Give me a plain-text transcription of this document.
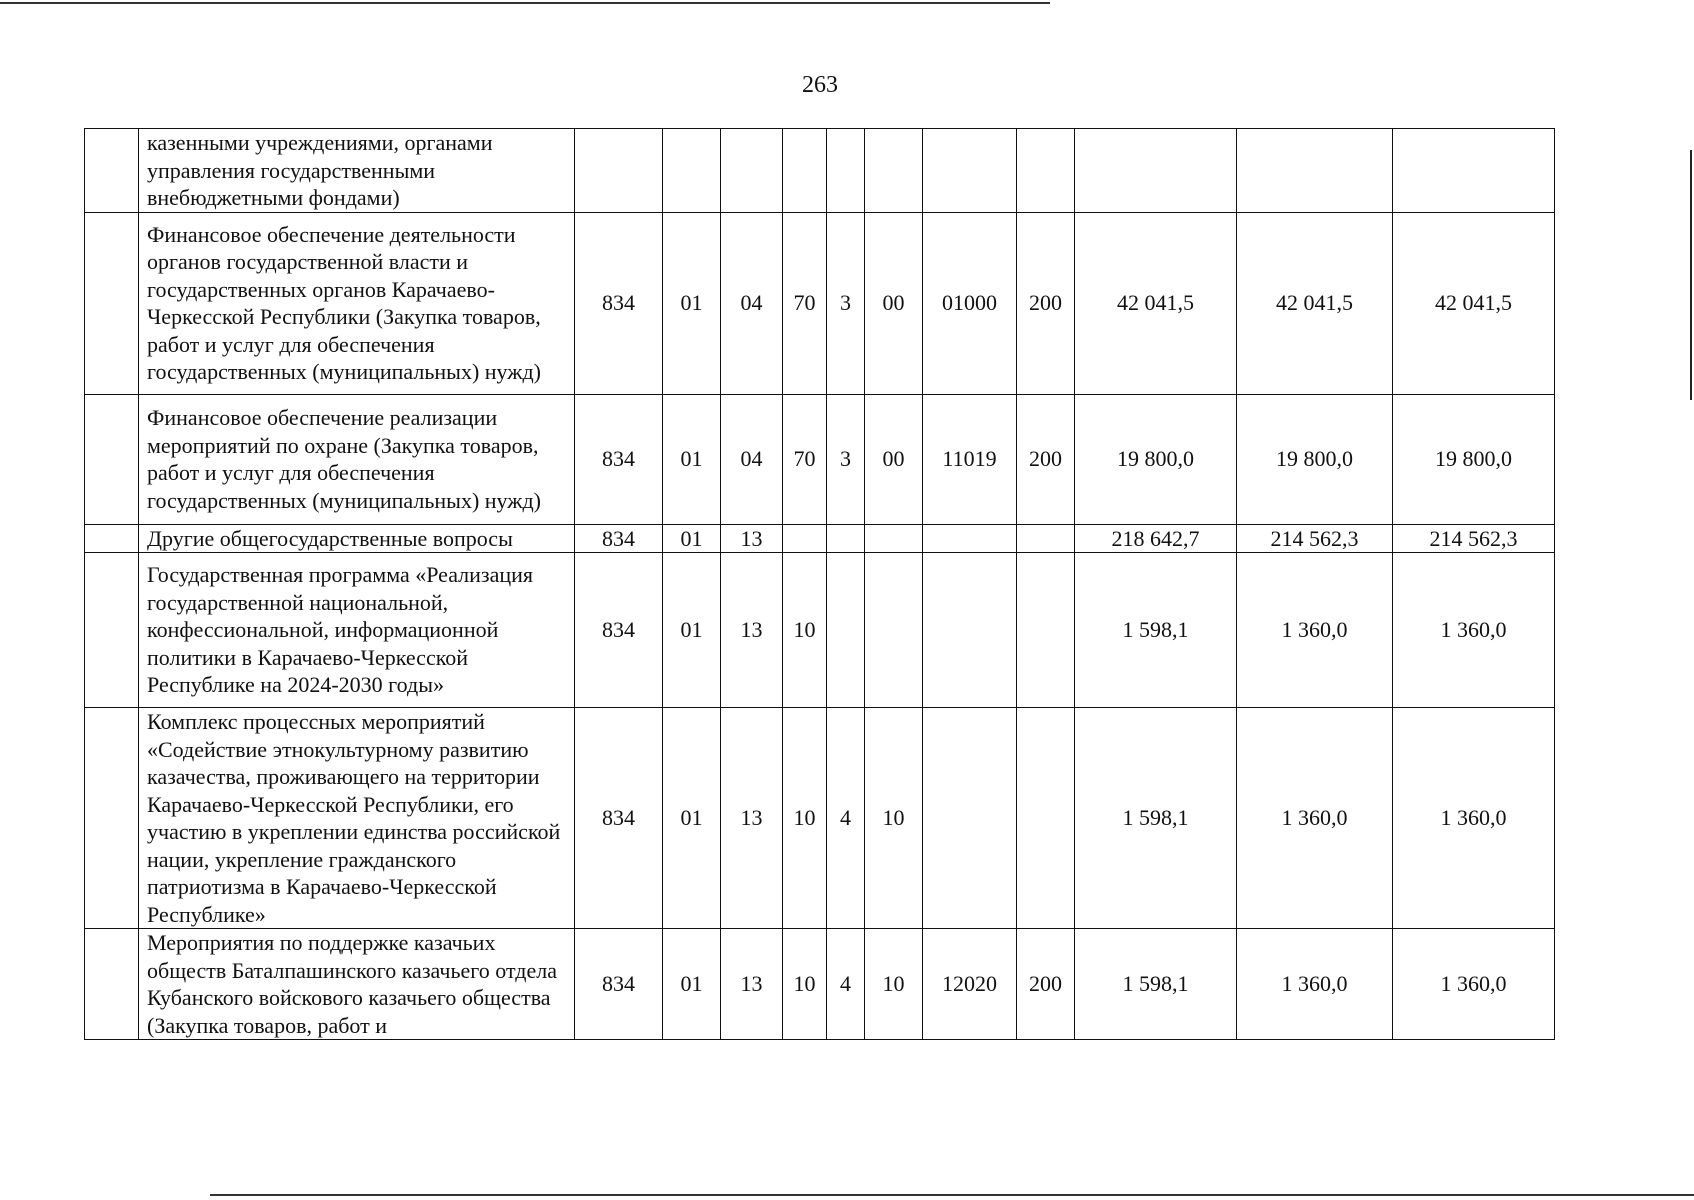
263
	казенными учреждениями, органами управления государственными внебюджетными фондами)											
	Финансовое обеспечение деятельности органов государственной власти и государственных органов Карачаево-Черкесской Республики (Закупка товаров, работ и услуг для обеспечения государственных (муниципальных) нужд)	834	01	04	70	3	00	01000	200	42 041,5	42 041,5	42 041,5
	Финансовое обеспечение реализации мероприятий по охране (Закупка товаров, работ и услуг для обеспечения государственных (муниципальных) нужд)	834	01	04	70	3	00	11019	200	19 800,0	19 800,0	19 800,0
	Другие общегосударственные вопросы	834	01	13						218 642,7	214 562,3	214 562,3
	Государственная программа «Реализация государственной национальной, конфессиональной, информационной политики в Карачаево-Черкесской Республике на 2024-2030 годы»	834	01	13	10					1 598,1	1 360,0	1 360,0
	Комплекс процессных мероприятий «Содействие этнокультурному развитию казачества, проживающего на территории Карачаево-Черкесской Республики, его участию в укреплении единства российской нации, укрепление гражданского патриотизма в Карачаево-Черкесской Республике»	834	01	13	10	4	10			1 598,1	1 360,0	1 360,0
	Мероприятия по поддержке казачьих обществ Баталпашинского казачьего отдела Кубанского войскового казачьего общества (Закупка товаров, работ и	834	01	13	10	4	10	12020	200	1 598,1	1 360,0	1 360,0
